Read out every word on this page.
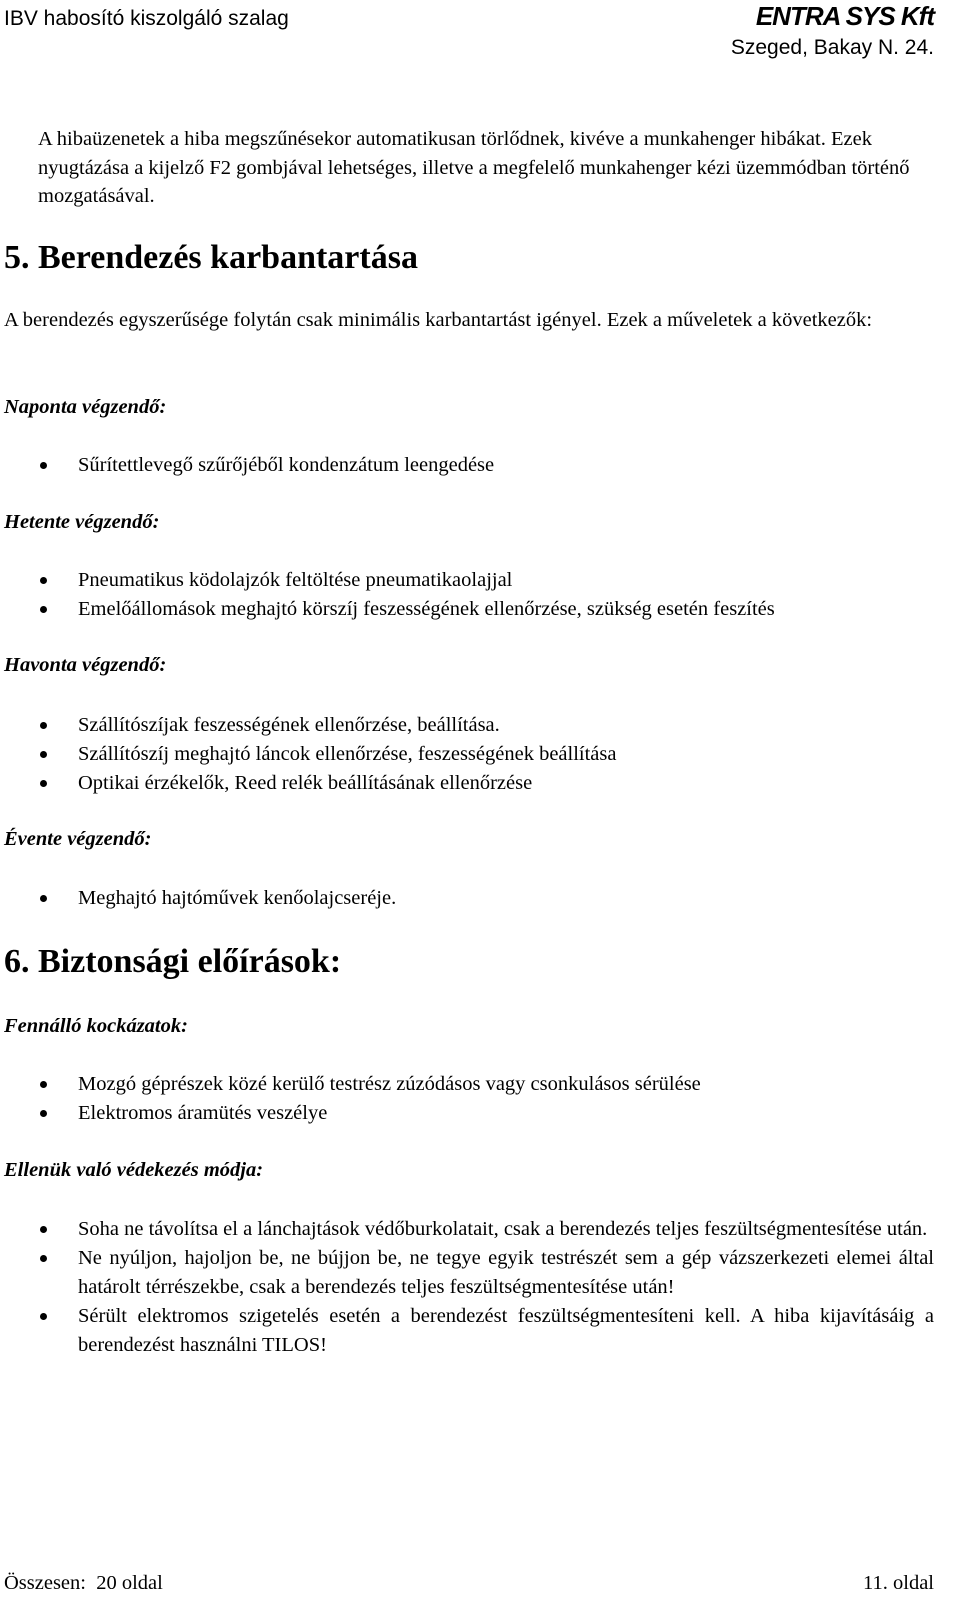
IBV habosító kiszolgáló szalag	ENTRA SYS Kft
Szeged, Bakay N. 24.

A hibaüzenetek a hiba megszűnésekor automatikusan törlődnek, kivéve a munkahenger hibákat. Ezek nyugtázása a kijelző F2 gombjával lehetséges, illetve a megfelelő munkahenger kézi üzemmódban történő mozgatásával.

5. Berendezés karbantartása

A berendezés egyszerűsége folytán csak minimális karbantartást igényel. Ezek a műveletek a következők:

Naponta végzendő:
Sűrítettlevegő szűrőjéből kondenzátum leengedése
Hetente végzendő:
Pneumatikus ködolajzók feltöltése pneumatikaolajjal
Emelőállomások meghajtó körszíj feszességének ellenőrzése, szükség esetén feszítés
Havonta végzendő:
Szállítószíjak feszességének ellenőrzése, beállítása.
Szállítószíj meghajtó láncok ellenőrzése, feszességének beállítása
Optikai érzékelők, Reed relék beállításának ellenőrzése
Évente végzendő:
Meghajtó hajtóművek kenőolajcseréje.
6. Biztonsági előírások:
Fennálló kockázatok:
Mozgó géprészek közé kerülő testrész zúzódásos vagy csonkulásos sérülése
Elektromos áramütés veszélye
Ellenük való védekezés módja:
Soha ne távolítsa el a lánchajtások védőburkolatait, csak a berendezés teljes feszültségmentesítése után.
Ne nyúljon, hajoljon be, ne bújjon be, ne tegye egyik testrészét sem a gép vázszerkezeti elemei által határolt térrészekbe, csak a berendezés teljes feszültségmentesítése után!
Sérült elektromos szigetelés esetén a berendezést feszültségmentesíteni kell. A hiba kijavításáig a berendezést használni TILOS!
Összesen:  20 oldal	11. oldal
